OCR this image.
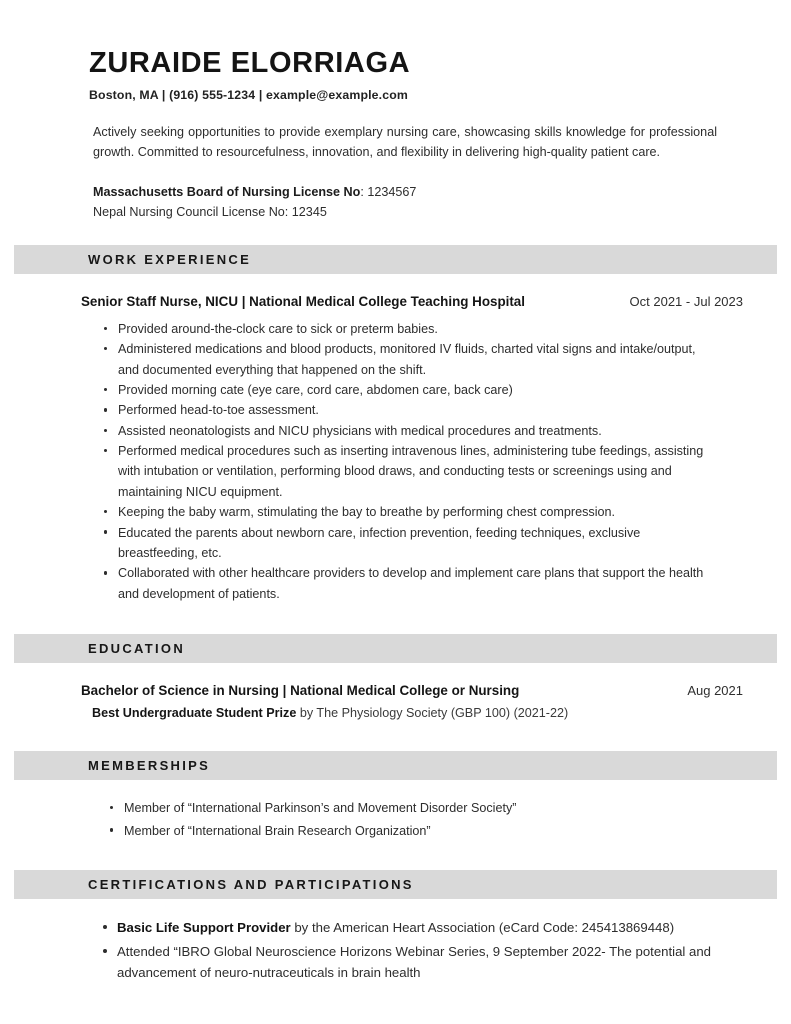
ZURAIDE ELORRIAGA

Boston, MA | (916) 555-1234 | example@example.com

Actively seeking opportunities to provide exemplary nursing care, showcasing skills knowledge for professional growth. Committed to resourcefulness, innovation, and flexibility in delivering high-quality patient care.

Massachusetts Board of Nursing License No: 1234567

Nepal Nursing Council License No: 12345

WORK EXPERIENCE
Senior Staff Nurse, NICU | National Medical College Teaching Hospital	Oct 2021 - Jul 2023
Provided around-the-clock care to sick or preterm babies.
Administered medications and blood products, monitored IV fluids, charted vital signs and intake/output, and documented everything that happened on the shift.
Provided morning cate (eye care, cord care, abdomen care, back care)
Performed head-to-toe assessment.
Assisted neonatologists and NICU physicians with medical procedures and treatments.
Performed medical procedures such as inserting intravenous lines, administering tube feedings, assisting with intubation or ventilation, performing blood draws, and conducting tests or screenings using and maintaining NICU equipment.
Keeping the baby warm, stimulating the bay to breathe by performing chest compression.
Educated the parents about newborn care, infection prevention, feeding techniques, exclusive breastfeeding, etc.
Collaborated with other healthcare providers to develop and implement care plans that support the health and development of patients.
EDUCATION
Bachelor of Science in Nursing | National Medical College or Nursing	Aug 2021
Best Undergraduate Student Prize by The Physiology Society (GBP 100) (2021-22)
MEMBERSHIPS
Member of “International Parkinson’s and Movement Disorder Society”
Member of “International Brain Research Organization”
CERTIFICATIONS AND PARTICIPATIONS
Basic Life Support Provider by the American Heart Association (eCard Code: 245413869448)
Attended “IBRO Global Neuroscience Horizons Webinar Series, 9 September 2022- The potential and advancement of neuro-nutraceuticals in brain health
